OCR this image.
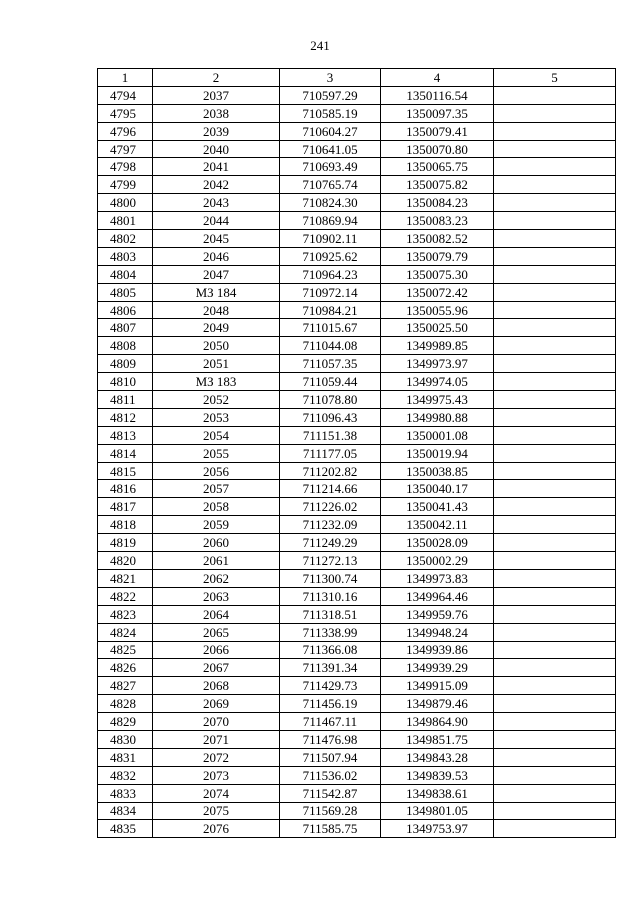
241
1	2	3	4	5
4794	2037	710597.29	1350116.54	
4795	2038	710585.19	1350097.35	
4796	2039	710604.27	1350079.41	
4797	2040	710641.05	1350070.80	
4798	2041	710693.49	1350065.75	
4799	2042	710765.74	1350075.82	
4800	2043	710824.30	1350084.23	
4801	2044	710869.94	1350083.23	
4802	2045	710902.11	1350082.52	
4803	2046	710925.62	1350079.79	
4804	2047	710964.23	1350075.30	
4805	МЗ 184	710972.14	1350072.42	
4806	2048	710984.21	1350055.96	
4807	2049	711015.67	1350025.50	
4808	2050	711044.08	1349989.85	
4809	2051	711057.35	1349973.97	
4810	МЗ 183	711059.44	1349974.05	
4811	2052	711078.80	1349975.43	
4812	2053	711096.43	1349980.88	
4813	2054	711151.38	1350001.08	
4814	2055	711177.05	1350019.94	
4815	2056	711202.82	1350038.85	
4816	2057	711214.66	1350040.17	
4817	2058	711226.02	1350041.43	
4818	2059	711232.09	1350042.11	
4819	2060	711249.29	1350028.09	
4820	2061	711272.13	1350002.29	
4821	2062	711300.74	1349973.83	
4822	2063	711310.16	1349964.46	
4823	2064	711318.51	1349959.76	
4824	2065	711338.99	1349948.24	
4825	2066	711366.08	1349939.86	
4826	2067	711391.34	1349939.29	
4827	2068	711429.73	1349915.09	
4828	2069	711456.19	1349879.46	
4829	2070	711467.11	1349864.90	
4830	2071	711476.98	1349851.75	
4831	2072	711507.94	1349843.28	
4832	2073	711536.02	1349839.53	
4833	2074	711542.87	1349838.61	
4834	2075	711569.28	1349801.05	
4835	2076	711585.75	1349753.97	
